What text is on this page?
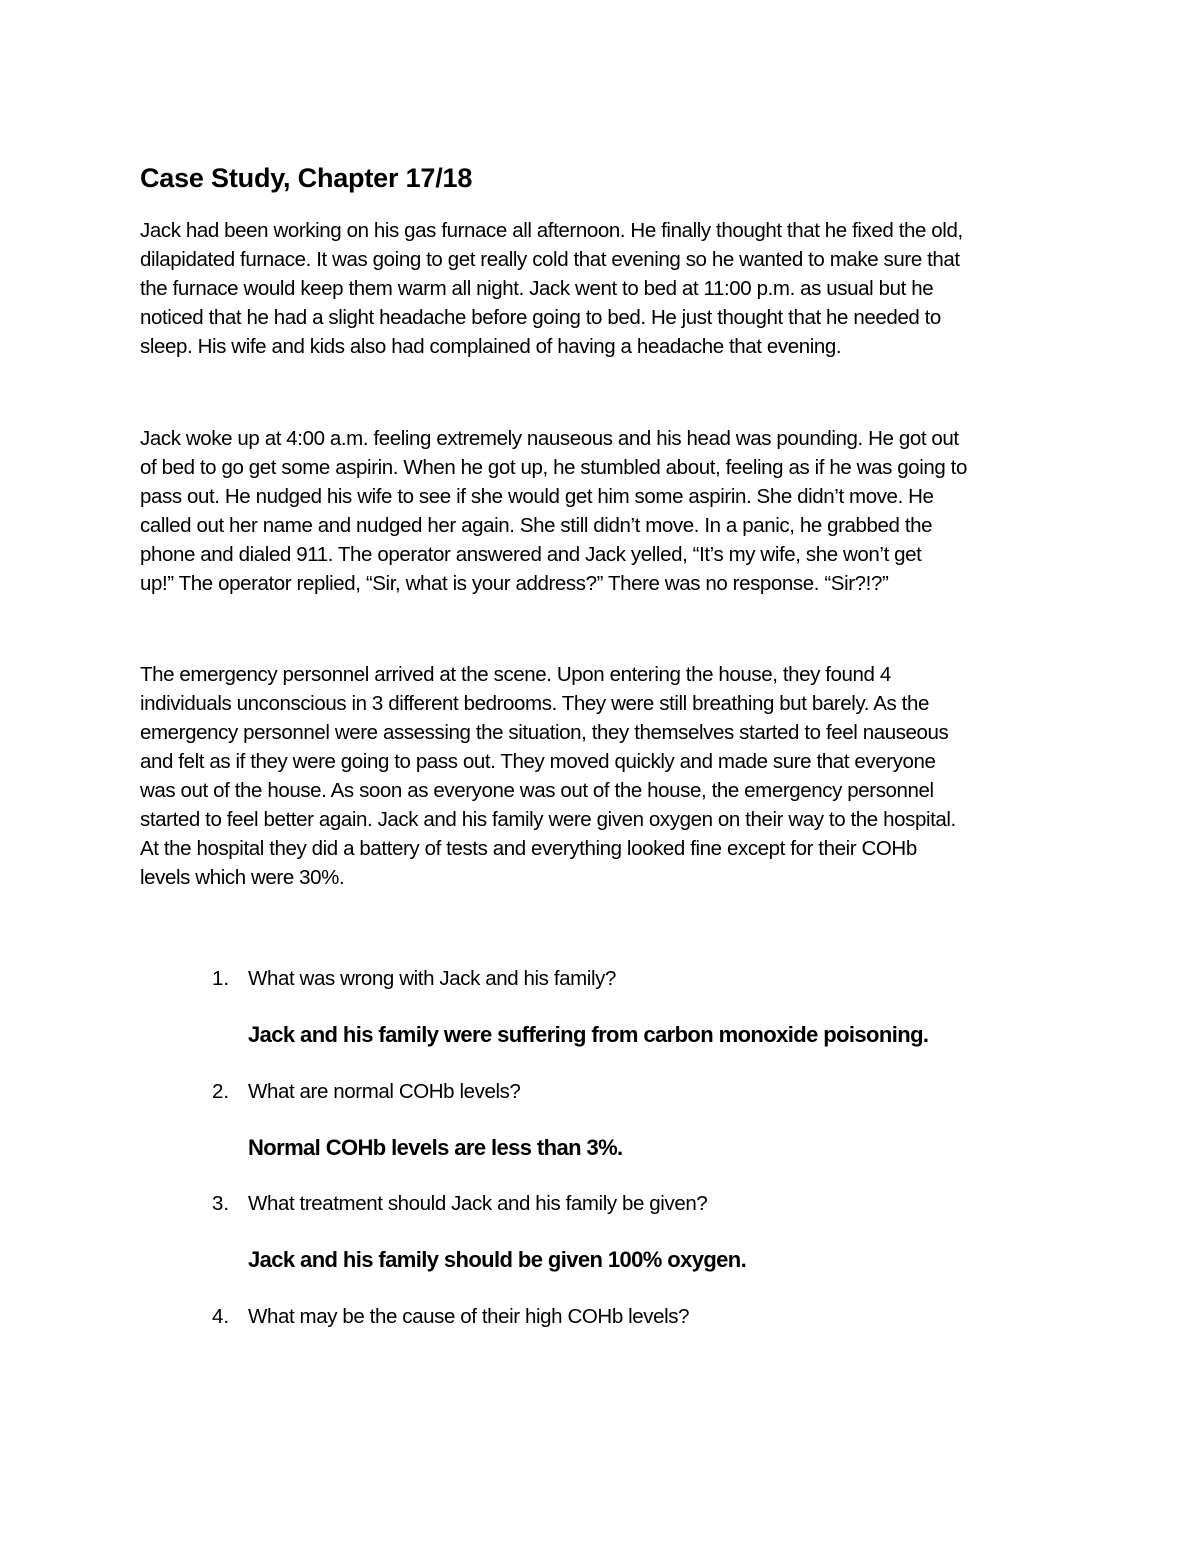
Case Study, Chapter 17/18
Jack had been working on his gas furnace all afternoon. He finally thought that he fixed the old,
dilapidated furnace. It was going to get really cold that evening so he wanted to make sure that
the furnace would keep them warm all night. Jack went to bed at 11:00 p.m. as usual but he
noticed that he had a slight headache before going to bed. He just thought that he needed to
sleep. His wife and kids also had complained of having a headache that evening.
Jack woke up at 4:00 a.m. feeling extremely nauseous and his head was pounding. He got out
of bed to go get some aspirin. When he got up, he stumbled about, feeling as if he was going to
pass out. He nudged his wife to see if she would get him some aspirin. She didn’t move. He
called out her name and nudged her again. She still didn’t move. In a panic, he grabbed the
phone and dialed 911. The operator answered and Jack yelled, “It’s my wife, she won’t get
up!” The operator replied, “Sir, what is your address?” There was no response. “Sir?!?”
The emergency personnel arrived at the scene. Upon entering the house, they found 4
individuals unconscious in 3 different bedrooms. They were still breathing but barely. As the
emergency personnel were assessing the situation, they themselves started to feel nauseous
and felt as if they were going to pass out. They moved quickly and made sure that everyone
was out of the house. As soon as everyone was out of the house, the emergency personnel
started to feel better again. Jack and his family were given oxygen on their way to the hospital.
At the hospital they did a battery of tests and everything looked fine except for their COHb
levels which were 30%.
1. What was wrong with Jack and his family?
Jack and his family were suffering from carbon monoxide poisoning.
2. What are normal COHb levels?
Normal COHb levels are less than 3%.
3. What treatment should Jack and his family be given?
Jack and his family should be given 100% oxygen.
4. What may be the cause of their high COHb levels?
